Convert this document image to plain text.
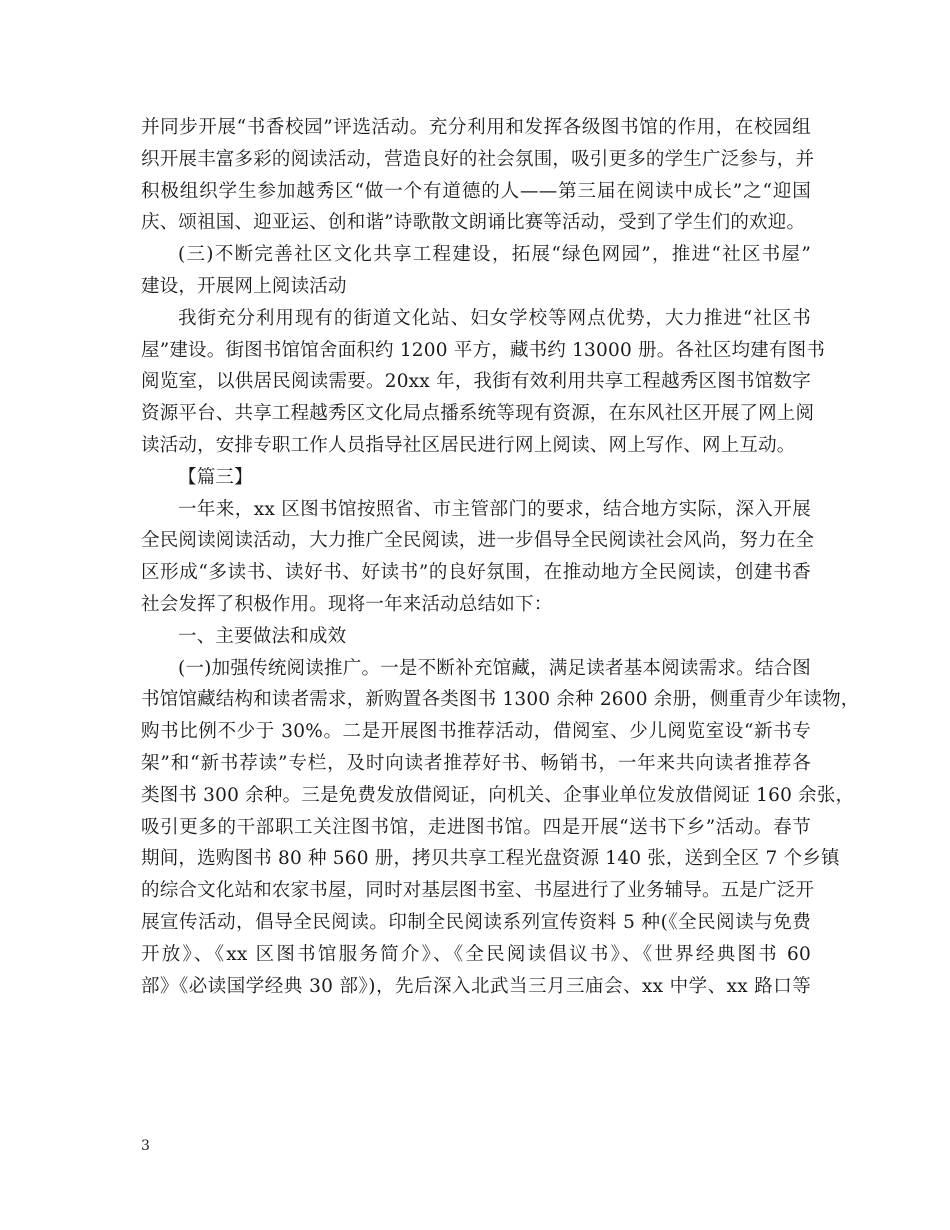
并同步开展“书香校园”评选活动。充分利用和发挥各级图书馆的作用，在校园组
织开展丰富多彩的阅读活动，营造良好的社会氛围，吸引更多的学生广泛参与，并
积极组织学生参加越秀区“做一个有道德的人——第三届在阅读中成长”之“迎国
庆、颂祖国、迎亚运、创和谐”诗歌散文朗诵比赛等活动，受到了学生们的欢迎。
(三)不断完善社区文化共享工程建设，拓展“绿色网园”，推进“社区书屋”
建设，开展网上阅读活动
我街充分利用现有的街道文化站、妇女学校等网点优势，大力推进“社区书
屋”建设。街图书馆馆舍面积约 1200 平方，藏书约 13000 册。各社区均建有图书
阅览室，以供居民阅读需要。20xx 年，我街有效利用共享工程越秀区图书馆数字
资源平台、共享工程越秀区文化局点播系统等现有资源，在东风社区开展了网上阅
读活动，安排专职工作人员指导社区居民进行网上阅读、网上写作、网上互动。
【篇三】
一年来，xx 区图书馆按照省、市主管部门的要求，结合地方实际，深入开展
全民阅读阅读活动，大力推广全民阅读，进一步倡导全民阅读社会风尚，努力在全
区形成“多读书、读好书、好读书”的良好氛围，在推动地方全民阅读，创建书香
社会发挥了积极作用。现将一年来活动总结如下：
一、主要做法和成效
(一)加强传统阅读推广。一是不断补充馆藏，满足读者基本阅读需求。结合图
书馆馆藏结构和读者需求，新购置各类图书 1300 余种 2600 余册，侧重青少年读物，
购书比例不少于 30%。二是开展图书推荐活动，借阅室、少儿阅览室设“新书专
架”和“新书荐读”专栏，及时向读者推荐好书、畅销书，一年来共向读者推荐各
类图书 300 余种。三是免费发放借阅证，向机关、企事业单位发放借阅证 160 余张，
吸引更多的干部职工关注图书馆，走进图书馆。四是开展“送书下乡”活动。春节
期间，选购图书 80 种 560 册，拷贝共享工程光盘资源 140 张，送到全区 7 个乡镇
的综合文化站和农家书屋，同时对基层图书室、书屋进行了业务辅导。五是广泛开
展宣传活动，倡导全民阅读。印制全民阅读系列宣传资料 5 种(《全民阅读与免费
开放》、《xx 区图书馆服务简介》、《全民阅读倡议书》、《世界经典图书 60
部》《必读国学经典 30 部》)，先后深入北武当三月三庙会、xx 中学、xx 路口等
3
